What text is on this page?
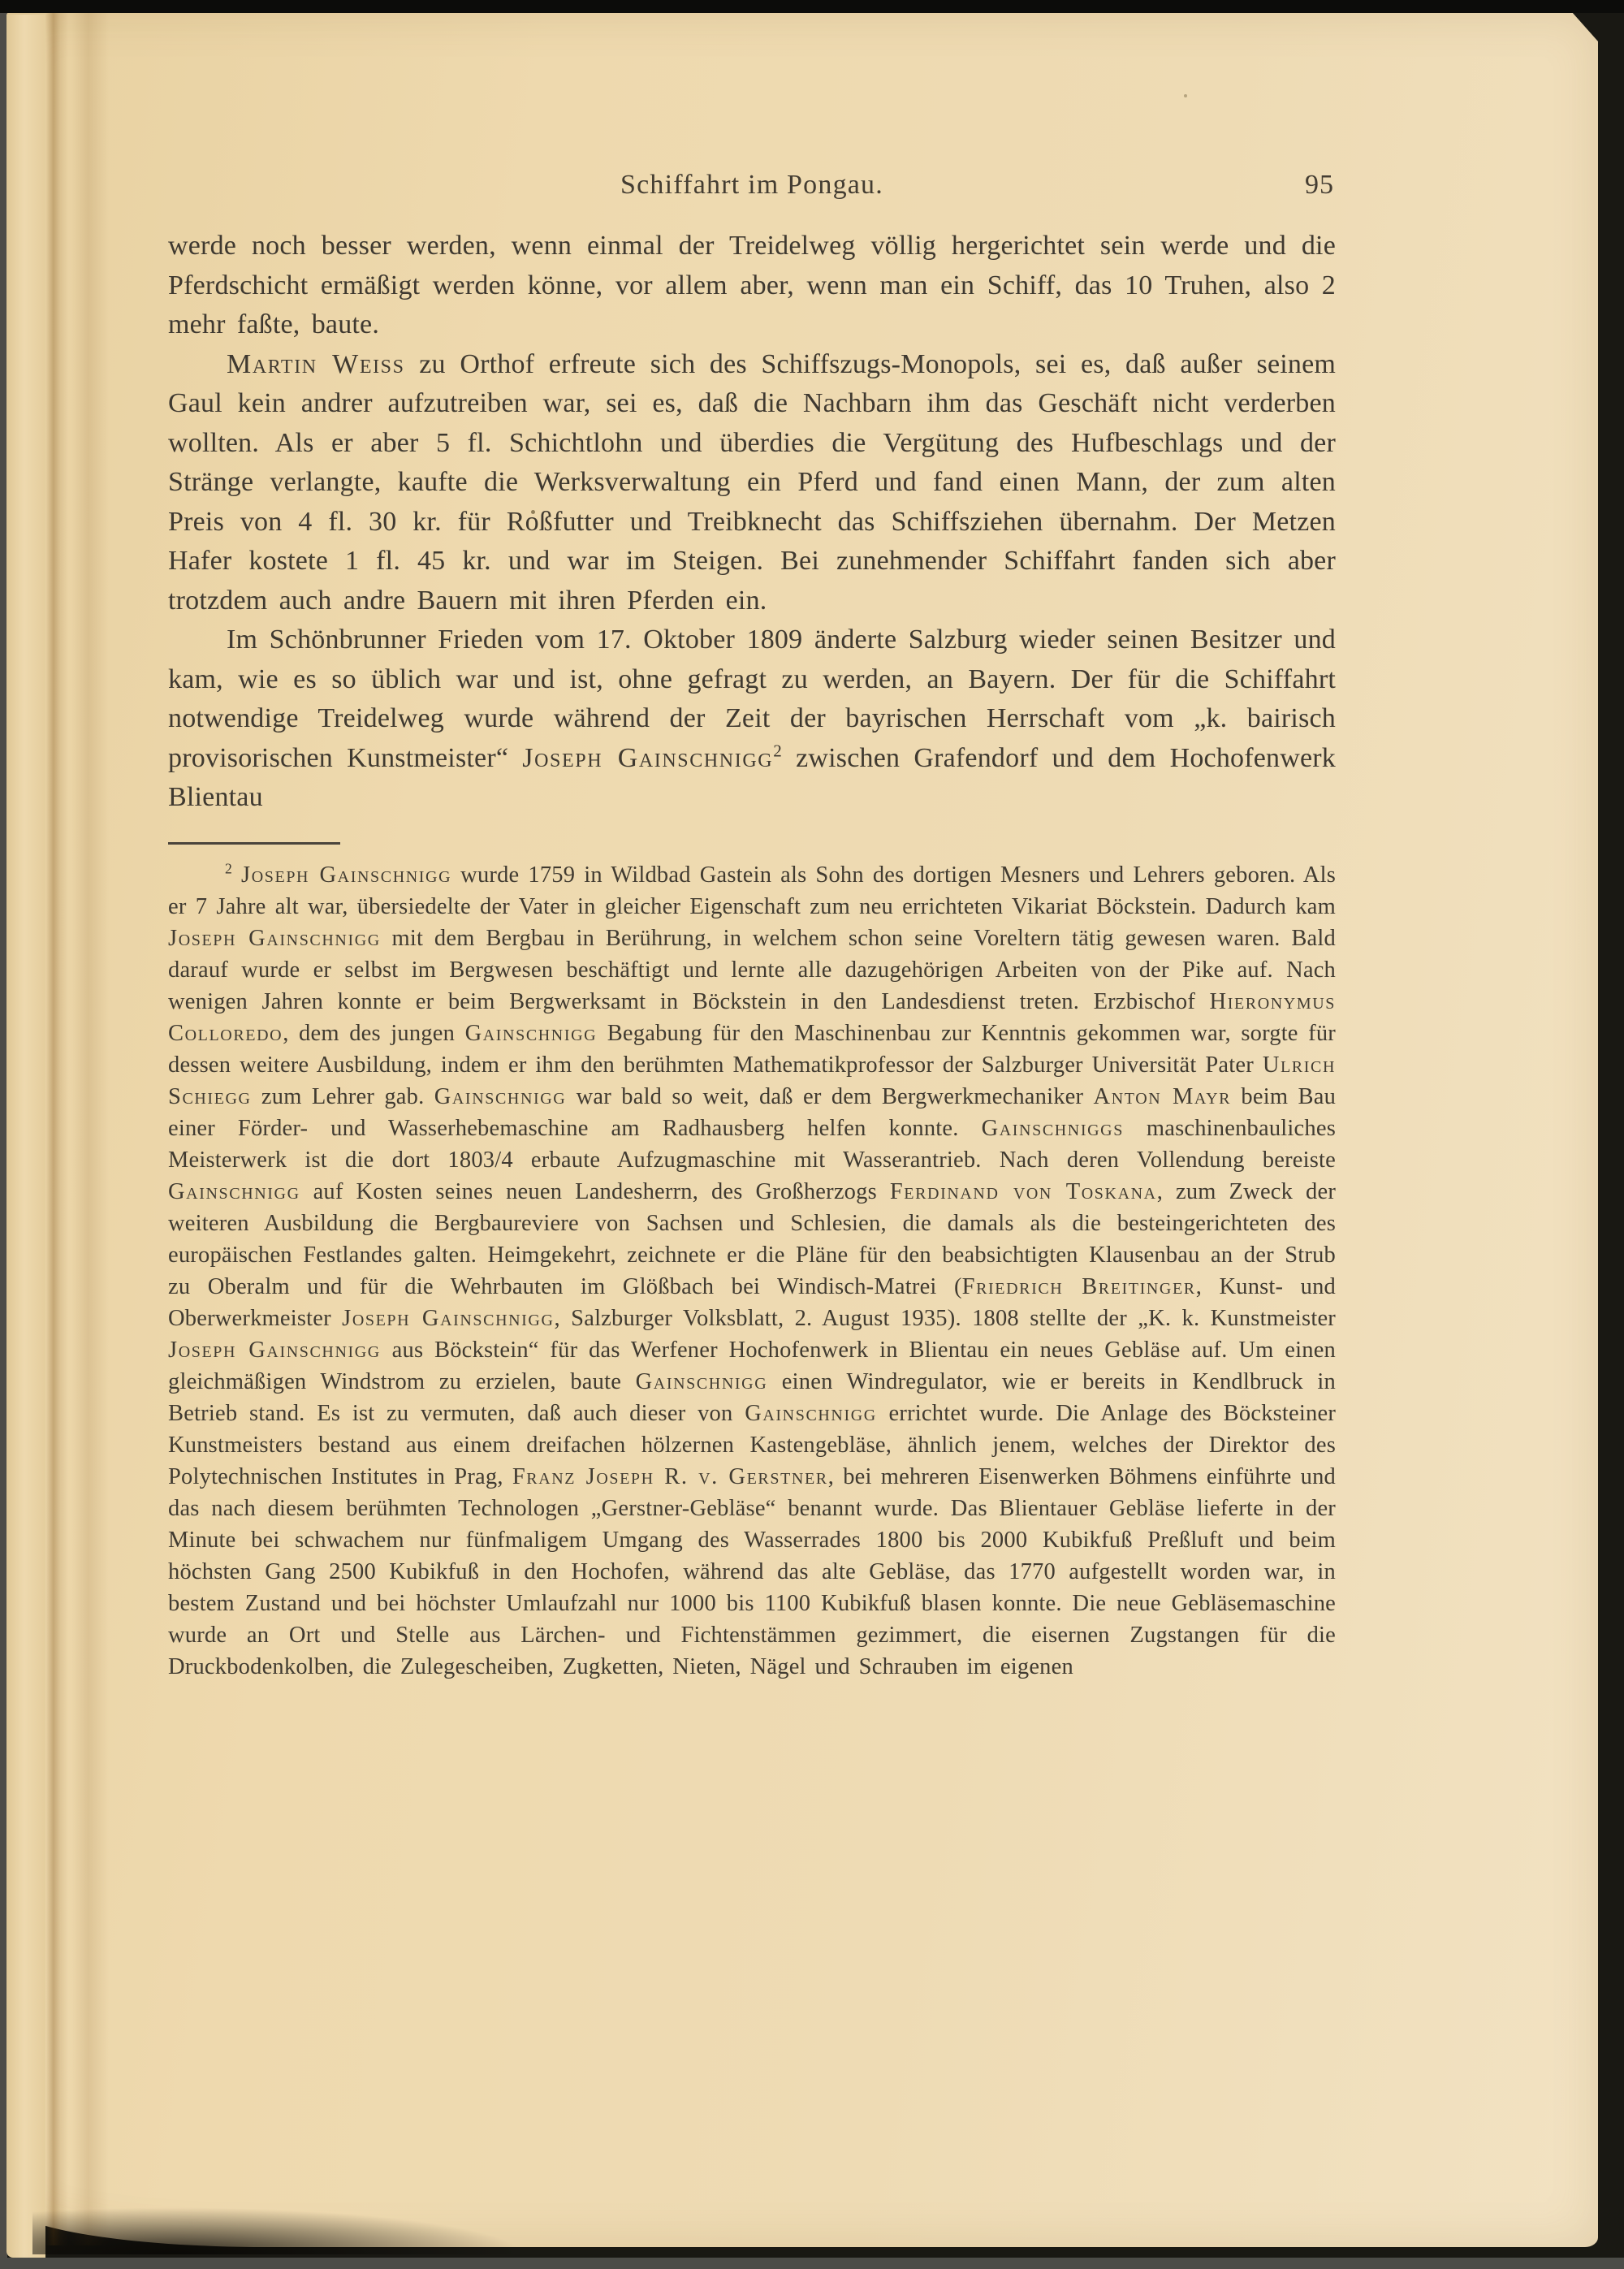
Schiffahrt im Pongau.	95

werde noch besser werden, wenn einmal der Treidelweg völlig hergerichtet sein werde und die Pferdschicht ermäßigt werden könne, vor allem aber, wenn man ein Schiff, das 10 Truhen, also 2 mehr faßte, baute.

Martin Weiss zu Orthof erfreute sich des Schiffszugs-Monopols, sei es, daß außer seinem Gaul kein andrer aufzutreiben war, sei es, daß die Nachbarn ihm das Geschäft nicht verderben wollten. Als er aber 5 fl. Schichtlohn und überdies die Vergütung des Hufbeschlags und der Stränge verlangte, kaufte die Werksverwaltung ein Pferd und fand einen Mann, der zum alten Preis von 4 fl. 30 kr. für Roßfutter und Treibknecht das Schiffsziehen übernahm. Der Metzen Hafer kostete 1 fl. 45 kr. und war im Steigen. Bei zunehmender Schiffahrt fanden sich aber trotzdem auch andre Bauern mit ihren Pferden ein.

Im Schönbrunner Frieden vom 17. Oktober 1809 änderte Salzburg wieder seinen Besitzer und kam, wie es so üblich war und ist, ohne gefragt zu werden, an Bayern. Der für die Schiffahrt notwendige Treidelweg wurde während der Zeit der bayrischen Herrschaft vom „k. bairisch provisorischen Kunstmeister“ Joseph Gainschnigg$^2$ zwischen Grafendorf und dem Hochofenwerk Blientau

$^2$ Joseph Gainschnigg wurde 1759 in Wildbad Gastein als Sohn des dortigen Mesners und Lehrers geboren. Als er 7 Jahre alt war, übersiedelte der Vater in gleicher Eigenschaft zum neu errichteten Vikariat Böckstein. Dadurch kam Joseph Gainschnigg mit dem Bergbau in Berührung, in welchem schon seine Voreltern tätig gewesen waren. Bald darauf wurde er selbst im Bergwesen beschäftigt und lernte alle dazugehörigen Arbeiten von der Pike auf. Nach wenigen Jahren konnte er beim Bergwerksamt in Böckstein in den Landesdienst treten. Erzbischof Hieronymus Colloredo, dem des jungen Gainschnigg Begabung für den Maschinenbau zur Kenntnis gekommen war, sorgte für dessen weitere Ausbildung, indem er ihm den berühmten Mathematikprofessor der Salzburger Universität Pater Ulrich Schiegg zum Lehrer gab. Gainschnigg war bald so weit, daß er dem Bergwerkmechaniker Anton Mayr beim Bau einer Förder- und Wasserhebemaschine am Radhausberg helfen konnte. Gainschniggs maschinenbauliches Meisterwerk ist die dort 1803/4 erbaute Aufzugmaschine mit Wasserantrieb. Nach deren Vollendung bereiste Gainschnigg auf Kosten seines neuen Landesherrn, des Großherzogs Ferdinand von Toskana, zum Zweck der weiteren Ausbildung die Bergbaureviere von Sachsen und Schlesien, die damals als die besteingerichteten des europäischen Festlandes galten. Heimgekehrt, zeichnete er die Pläne für den beabsichtigten Klausenbau an der Strub zu Oberalm und für die Wehrbauten im Glößbach bei Windisch-Matrei (Friedrich Breitinger, Kunst- und Oberwerkmeister Joseph Gainschnigg, Salzburger Volksblatt, 2. August 1935). 1808 stellte der „K. k. Kunstmeister Joseph Gainschnigg aus Böckstein“ für das Werfener Hochofenwerk in Blientau ein neues Gebläse auf. Um einen gleichmäßigen Windstrom zu erzielen, baute Gainschnigg einen Windregulator, wie er bereits in Kendlbruck in Betrieb stand. Es ist zu vermuten, daß auch dieser von Gainschnigg errichtet wurde. Die Anlage des Böcksteiner Kunstmeisters bestand aus einem dreifachen hölzernen Kastengebläse, ähnlich jenem, welches der Direktor des Polytechnischen Institutes in Prag, Franz Joseph R. v. Gerstner, bei mehreren Eisenwerken Böhmens einführte und das nach diesem berühmten Technologen „Gerstner-Gebläse“ benannt wurde. Das Blientauer Gebläse lieferte in der Minute bei schwachem nur fünfmaligem Umgang des Wasserrades 1800 bis 2000 Kubikfuß Preßluft und beim höchsten Gang 2500 Kubikfuß in den Hochofen, während das alte Gebläse, das 1770 aufgestellt worden war, in bestem Zustand und bei höchster Umlaufzahl nur 1000 bis 1100 Kubikfuß blasen konnte. Die neue Gebläsemaschine wurde an Ort und Stelle aus Lärchen- und Fichtenstämmen gezimmert, die eisernen Zugstangen für die Druckbodenkolben, die Zulegescheiben, Zugketten, Nieten, Nägel und Schrauben im eigenen
